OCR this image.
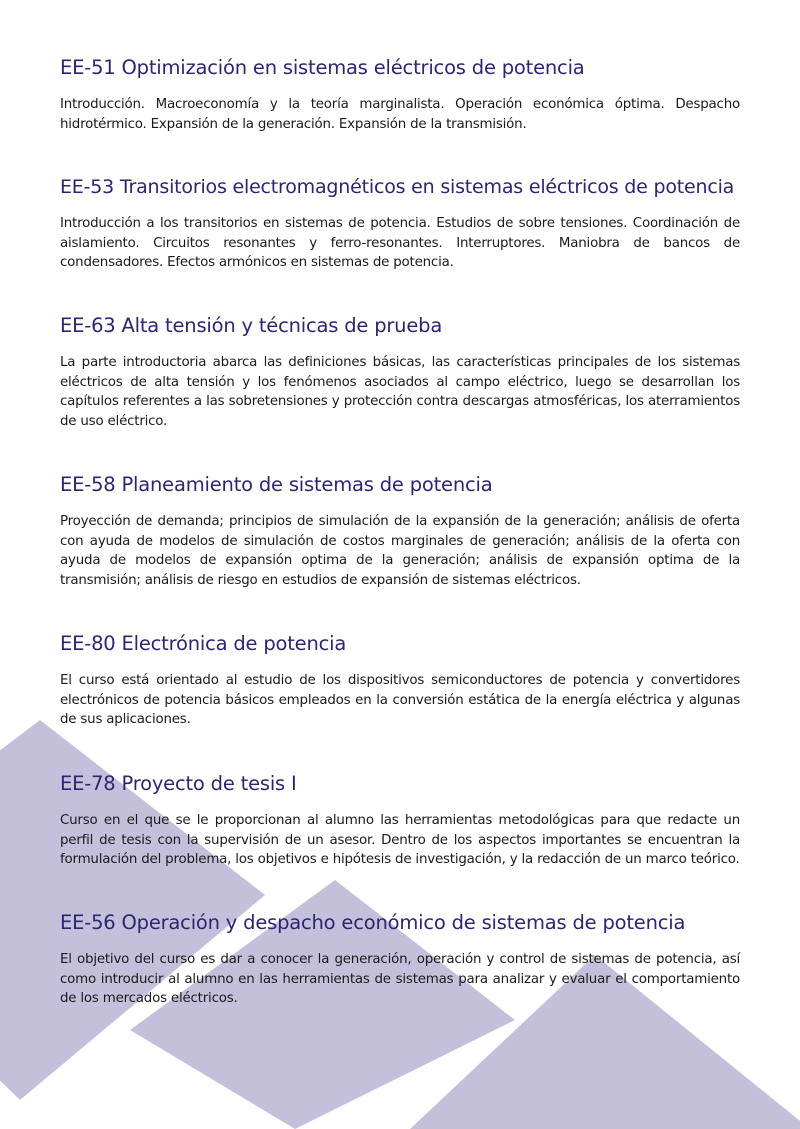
EE-51 Optimización en sistemas eléctricos de potencia

Introducción. Macroeconomía y la teoría marginalista. Operación económica óptima. Despacho hidrotérmico. Expansión de la generación. Expansión de la transmisión.

EE-53 Transitorios electromagnéticos en sistemas eléctricos de potencia

Introducción a los transitorios en sistemas de potencia. Estudios de sobre tensiones. Coordinación de aislamiento. Circuitos resonantes y ferro-resonantes. Interruptores. Maniobra de bancos de condensadores. Efectos armónicos en sistemas de potencia.

EE-63 Alta tensión y técnicas de prueba

La parte introductoria abarca las definiciones básicas, las características principales de los sistemas eléctricos de alta tensión y los fenómenos asociados al campo eléctrico, luego se desarrollan los capítulos referentes a las sobretensiones y protección contra descargas atmosféricas, los aterramientos de uso eléctrico.

EE-58 Planeamiento de sistemas de potencia

Proyección de demanda; principios de simulación de la expansión de la generación; análisis de oferta con ayuda de modelos de simulación de costos marginales de generación; análisis de la oferta con ayuda de modelos de expansión optima de la generación; análisis de expansión optima de la transmisión; análisis de riesgo en estudios de expansión de sistemas eléctricos.

EE-80 Electrónica de potencia

El curso está orientado al estudio de los dispositivos semiconductores de potencia y convertidores electrónicos de potencia básicos empleados en la conversión estática de la energía eléctrica y algunas de sus aplicaciones.

EE-78 Proyecto de tesis I

Curso en el que se le proporcionan al alumno las herramientas metodológicas para que redacte un perfil de tesis con la supervisión de un asesor. Dentro de los aspectos importantes se encuentran la formulación del problema, los objetivos e hipótesis de investigación, y la redacción de un marco teórico.

EE-56 Operación y despacho económico de sistemas de potencia

El objetivo del curso es dar a conocer la generación, operación y control de sistemas de potencia, así como introducir al alumno en las herramientas de sistemas para analizar y evaluar el comportamiento de los mercados eléctricos.
